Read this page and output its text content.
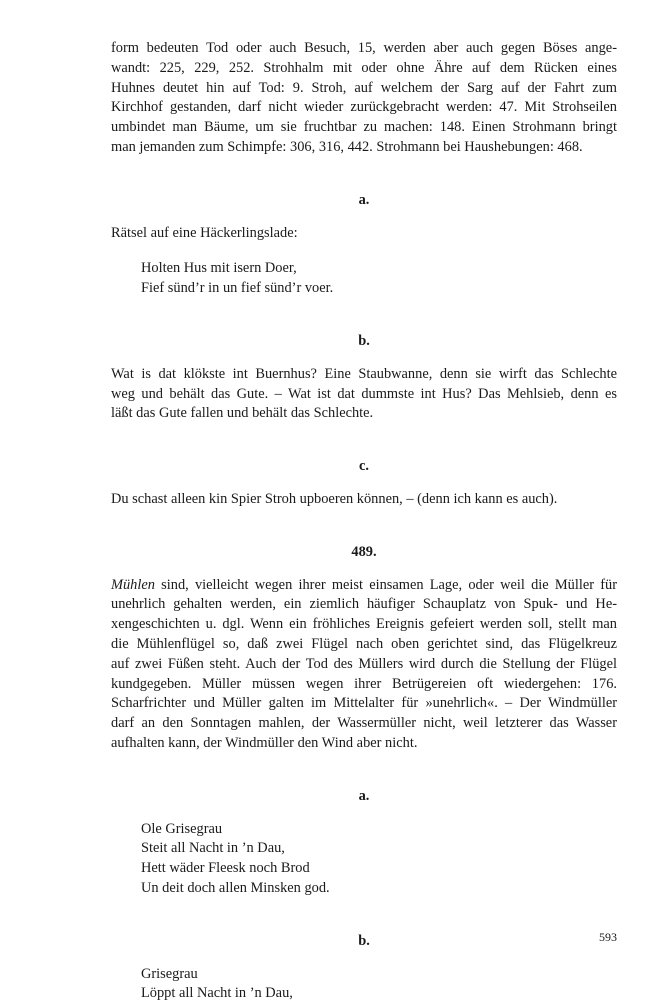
form bedeuten Tod oder auch Besuch, 15, werden aber auch gegen Böses ange-
wandt: 225, 229, 252. Strohhalm mit oder ohne Ähre auf dem Rücken eines
Huhnes deutet hin auf Tod: 9. Stroh, auf welchem der Sarg auf der Fahrt zum
Kirchhof gestanden, darf nicht wieder zurückgebracht werden: 47. Mit Strohseilen
umbindet man Bäume, um sie fruchtbar zu machen: 148. Einen Strohmann bringt
man jemanden zum Schimpfe: 306, 316, 442. Strohmann bei Haushebungen: 468.
a.
Rätsel auf eine Häckerlingslade:
Holten Hus mit isern Doer,
Fief sünd’r in un fief sünd’r voer.
b.
Wat is dat klökste int Buernhus? Eine Staubwanne, denn sie wirft das Schlechte
weg und behält das Gute. – Wat ist dat dummste int Hus? Das Mehlsieb, denn es
läßt das Gute fallen und behält das Schlechte.
c.
Du schast alleen kin Spier Stroh upboeren können, – (denn ich kann es auch).
489.
Mühlen sind, vielleicht wegen ihrer meist einsamen Lage, oder weil die Müller für
unehrlich gehalten werden, ein ziemlich häufiger Schauplatz von Spuk- und He-
xengeschichten u. dgl. Wenn ein fröhliches Ereignis gefeiert werden soll, stellt man
die Mühlenflügel so, daß zwei Flügel nach oben gerichtet sind, das Flügelkreuz
auf zwei Füßen steht. Auch der Tod des Müllers wird durch die Stellung der Flügel
kundgegeben. Müller müssen wegen ihrer Betrügereien oft wiedergehen: 176.
Scharfrichter und Müller galten im Mittelalter für »unehrlich«. – Der Windmüller
darf an den Sonntagen mahlen, der Wassermüller nicht, weil letzterer das Wasser
aufhalten kann, der Windmüller den Wind aber nicht.
a.
Ole Grisegrau
Steit all Nacht in ’n Dau,
Hett wäder Fleesk noch Brod
Un deit doch allen Minsken god.
b.
Grisegrau
Löppt all Nacht in ’n Dau,
593
